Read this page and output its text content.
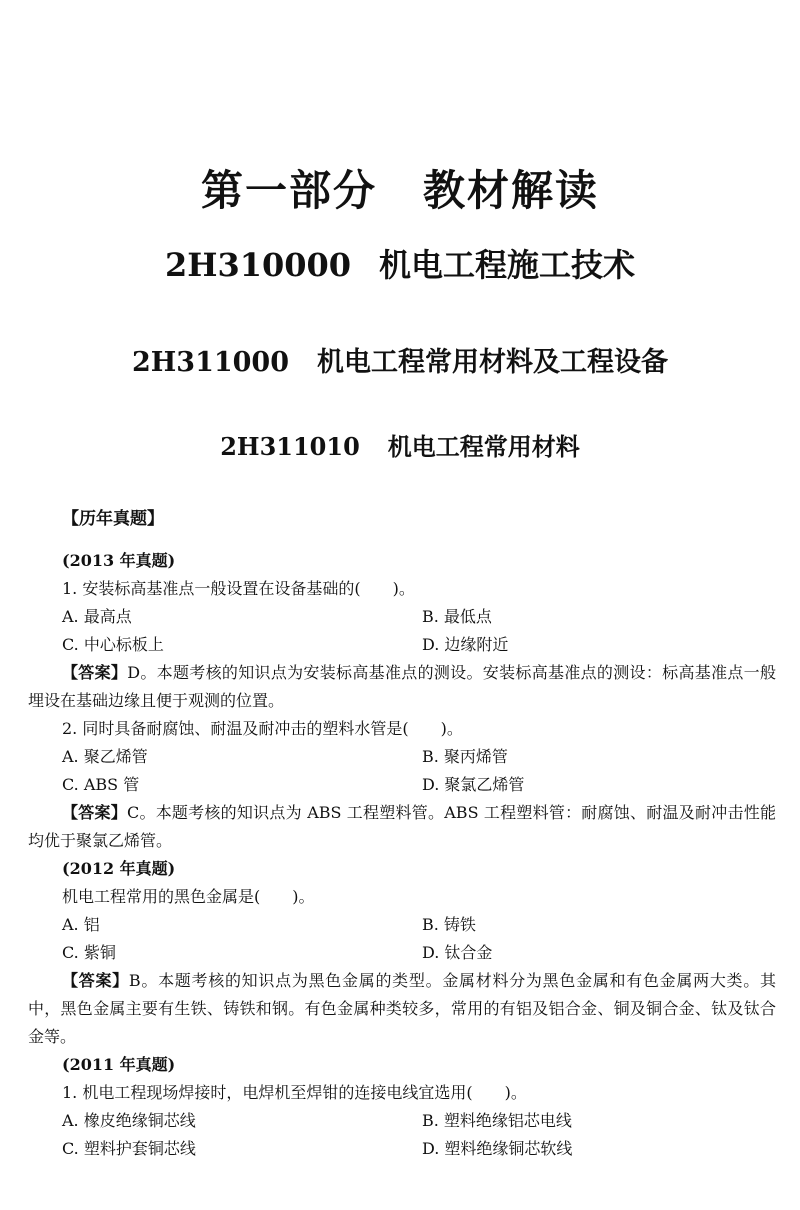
第一部分 教材解读
2H310000 机电工程施工技术
2H311000 机电工程常用材料及工程设备
2H311010 机电工程常用材料
【历年真题】
(2013 年真题)
1. 安装标高基准点一般设置在设备基础的(　　)。
A. 最高点	B. 最低点
C. 中心标板上	D. 边缘附近
【答案】D。本题考核的知识点为安装标高基准点的测设。安装标高基准点的测设：标高基准点一般埋设在基础边缘且便于观测的位置。
2. 同时具备耐腐蚀、耐温及耐冲击的塑料水管是(　　)。
A. 聚乙烯管	B. 聚丙烯管
C. ABS 管	D. 聚氯乙烯管
【答案】C。本题考核的知识点为 ABS 工程塑料管。ABS 工程塑料管：耐腐蚀、耐温及耐冲击性能均优于聚氯乙烯管。
(2012 年真题)
机电工程常用的黑色金属是(　　)。
A. 铝	B. 铸铁
C. 紫铜	D. 钛合金
【答案】B。本题考核的知识点为黑色金属的类型。金属材料分为黑色金属和有色金属两大类。其中，黑色金属主要有生铁、铸铁和钢。有色金属种类较多，常用的有铝及铝合金、铜及铜合金、钛及钛合金等。
(2011 年真题)
1. 机电工程现场焊接时，电焊机至焊钳的连接电线宜选用(　　)。
A. 橡皮绝缘铜芯线	B. 塑料绝缘铝芯电线
C. 塑料护套铜芯线	D. 塑料绝缘铜芯软线
